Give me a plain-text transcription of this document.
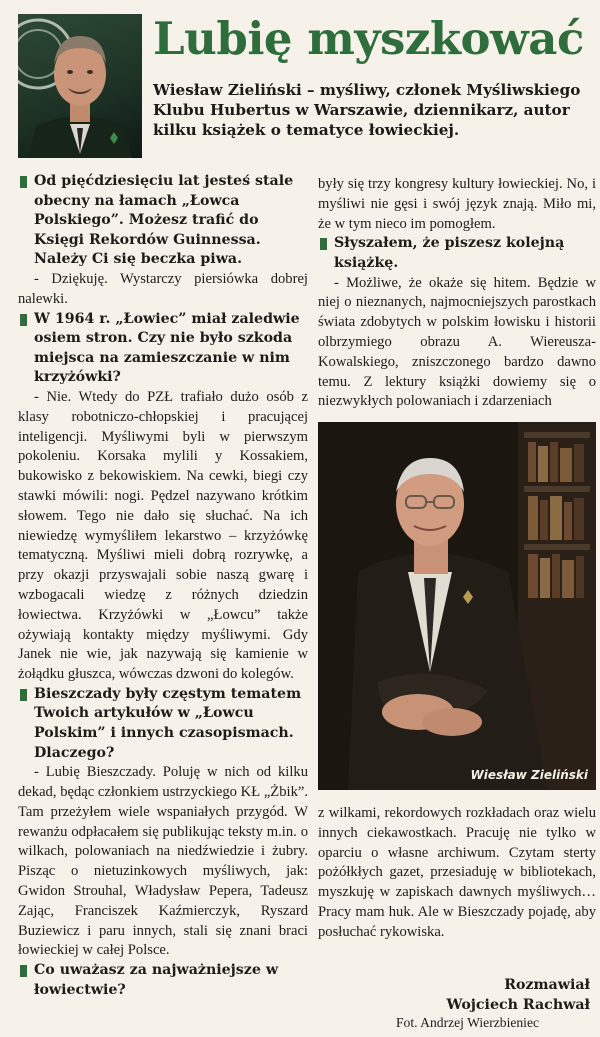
Lubię myszkować

Wiesław Zieliński – myśliwy, członek Myśliwskiego Klubu Hubertus w Warszawie, dziennikarz, autor kilku książek o tematyce łowieckiej.

Od pięćdziesięciu lat jesteś stale obecny na łamach „Łowca Polskiego”. Możesz trafić do Księgi Rekordów Guinnessa. Należy Ci się beczka piwa.
- Dziękuję. Wystarczy piersiówka dobrej nalewki.
W 1964 r. „Łowiec” miał zaledwie osiem stron. Czy nie było szkoda miejsca na zamieszczanie w nim krzyżówki?
- Nie. Wtedy do PZŁ trafiało dużo osób z klasy robotniczo-chłopskiej i pracującej inteligencji. Myśliwymi byli w pierwszym pokoleniu. Korsaka mylili y Kossakiem, bukowisko z bekowiskiem. Na cewki, biegi czy stawki mówili: nogi. Pędzel nazywano krótkim słowem. Tego nie dało się słuchać. Na ich niewiedzę wymyśliłem lekarstwo – krzyżówkę tematyczną. Myśliwi mieli dobrą rozrywkę, a przy okazji przyswajali sobie naszą gwarę i wzbogacali wiedzę z różnych dziedzin łowiectwa. Krzyżówki w „Łowcu” także ożywiają kontakty między myśliwymi. Gdy Janek nie wie, jak nazywają się kamienie w żołądku głuszca, wówczas dzwoni do kolegów.
Bieszczady były częstym tematem Twoich artykułów w „Łowcu Polskim” i innych czasopismach. Dlaczego?
- Lubię Bieszczady. Poluję w nich od kilku dekad, będąc członkiem ustrzyckiego KŁ „Żbik”. Tam przeżyłem wiele wspaniałych przygód. W rewanżu odpłacałem się publikując teksty m.in. o wilkach, polowaniach na niedźwiedzie i żubry. Pisząc o nietuzinkowych myśliwych, jak: Gwidon Strouhal, Władysław Pepera, Tadeusz Zając, Franciszek Kaźmierczyk, Ryszard Buziewicz i paru innych, stali się znani braci łowieckiej w całej Polsce.
Co uważasz za najważniejsze w łowiectwie?
były się trzy kongresy kultury łowieckiej. No, i myśliwi nie gęsi i swój język znają. Miło mi, że w tym nieco im pomogłem.
Słyszałem, że piszesz kolejną książkę.
- Możliwe, że okaże się hitem. Będzie w niej o nieznanych, najmocniejszych parostkach świata zdobytych w polskim łowisku i historii olbrzymiego obrazu A. Wiereusza-Kowalskiego, zniszczonego bardzo dawno temu. Z lektury książki dowiemy się o niezwykłych polowaniach i zdarzeniach
Wiesław Zieliński
z wilkami, rekordowych rozkładach oraz wielu innych ciekawostkach. Pracuję nie tylko w oparciu o własne archiwum. Czytam sterty pożółkłych gazet, przesiaduję w bibliotekach, myszkuję w zapiskach dawnych myśliwych… Pracy mam huk. Ale w Bieszczady pojadę, aby posłuchać rykowiska.
Rozmawiał
Wojciech Rachwał
Fot. Andrzej Wierzbieniec
